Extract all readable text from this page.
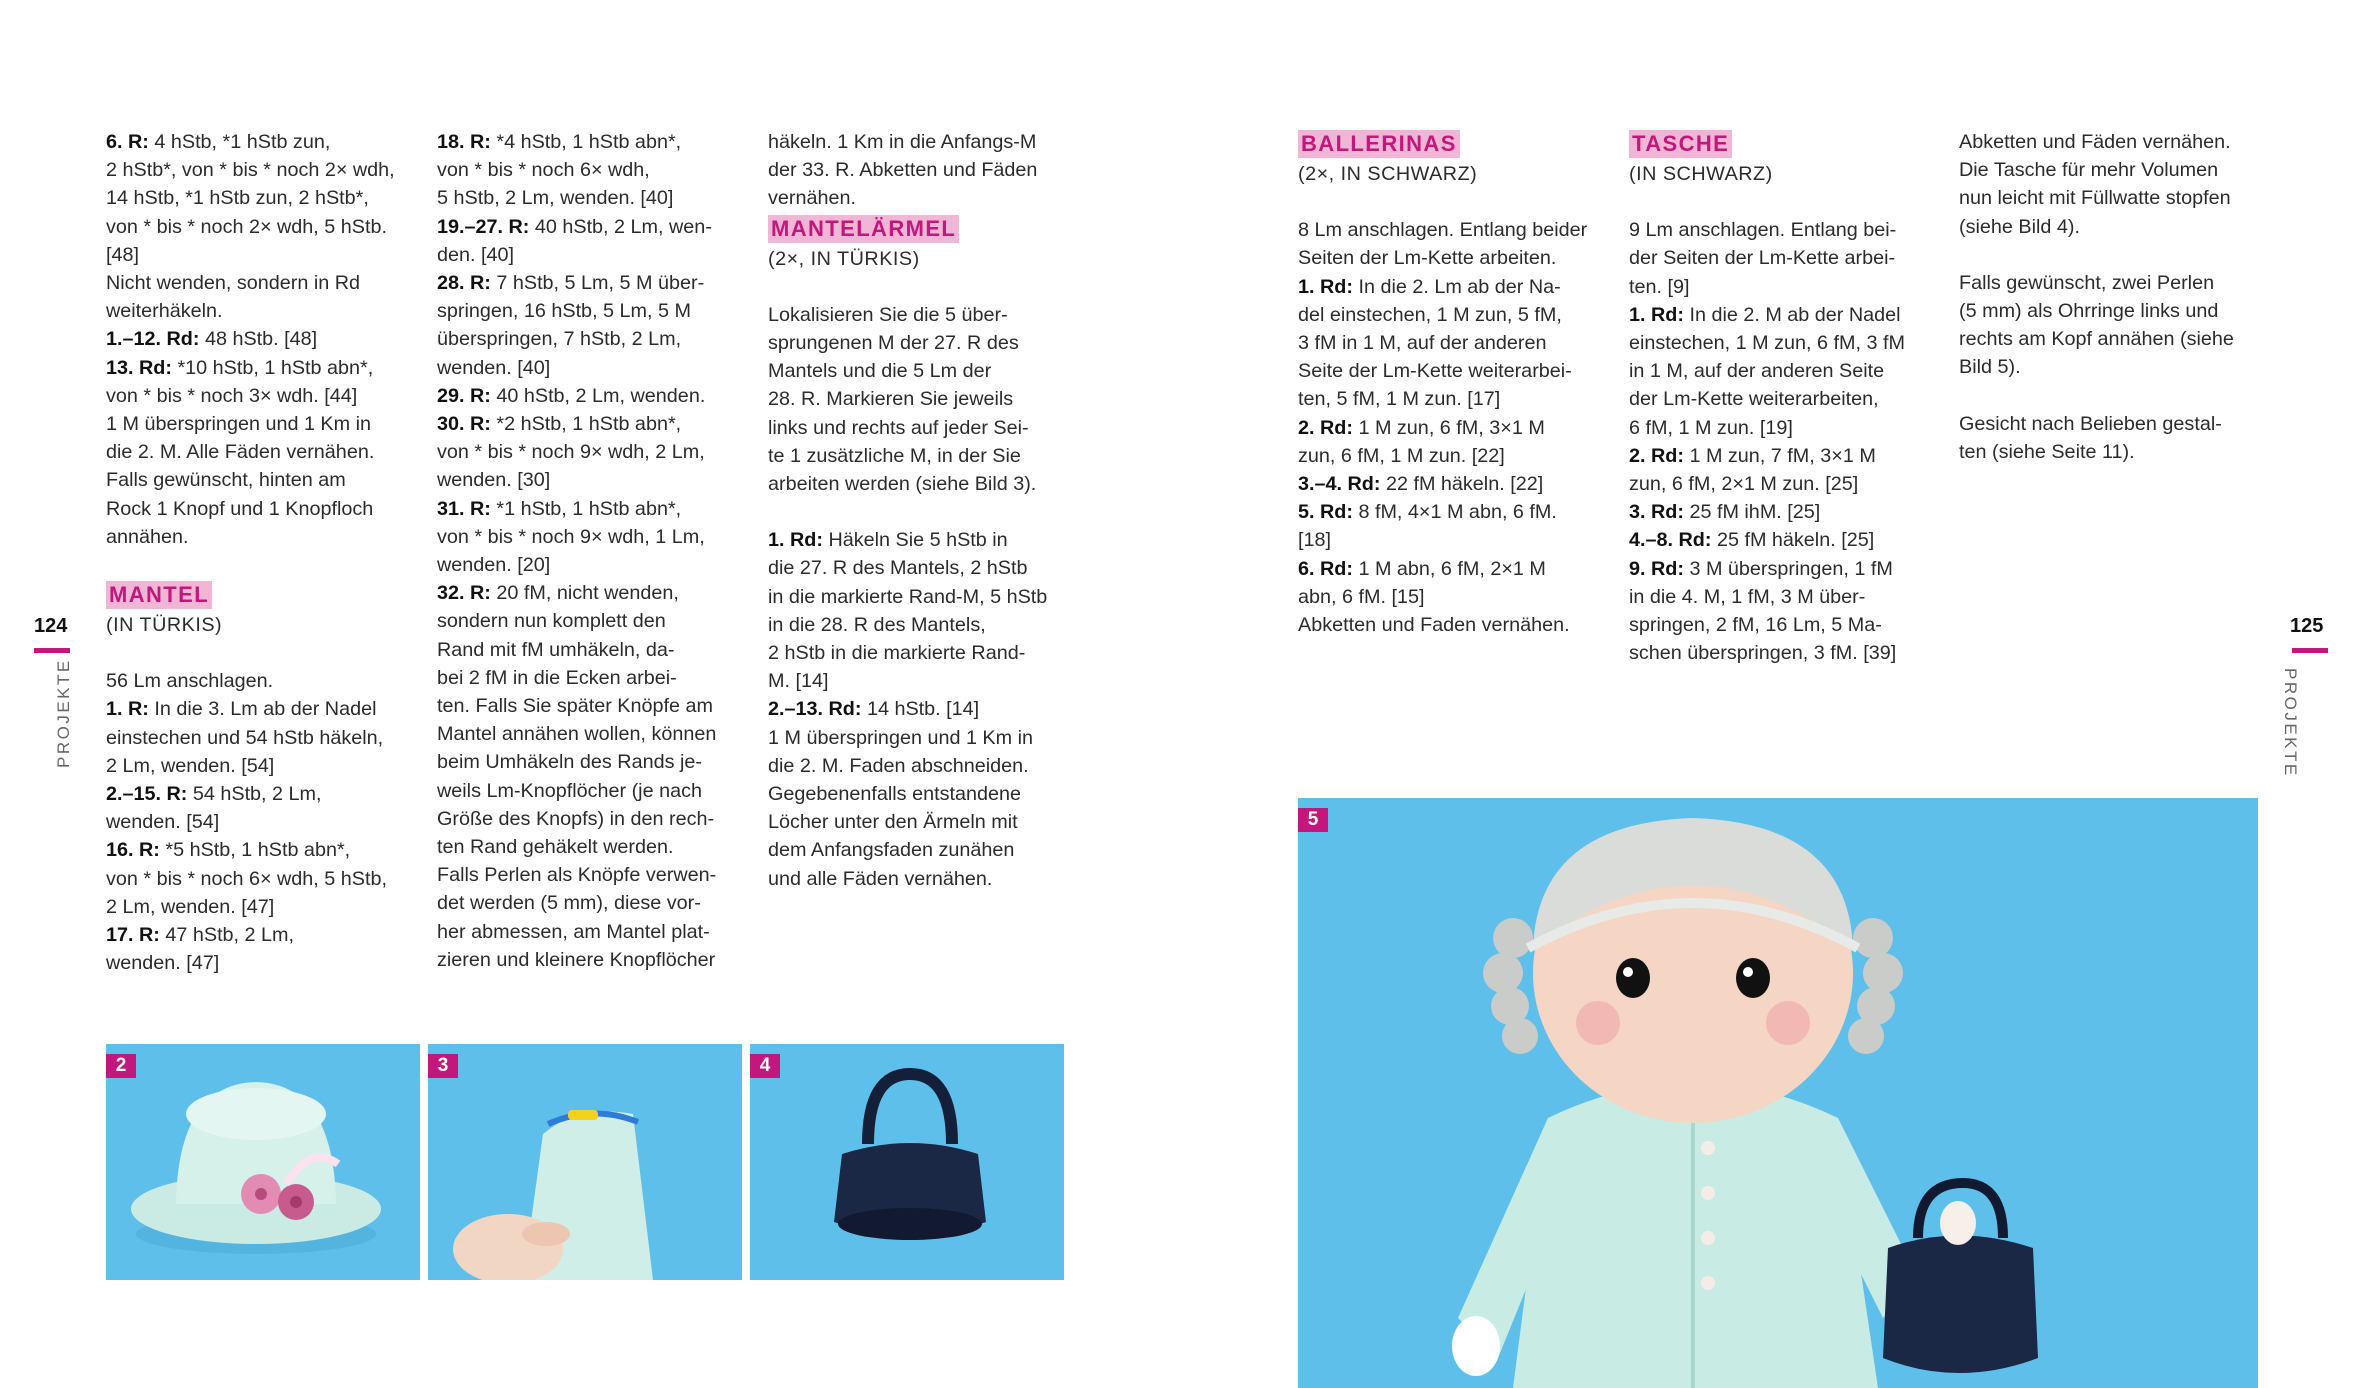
124
PROJEKTE
125
PROJEKTE

6. R: 4 hStb, *1 hStb zun,

2 hStb*, von * bis * noch 2× wdh,

14 hStb, *1 hStb zun, 2 hStb*,

von * bis * noch 2× wdh, 5 hStb.

[48]

Nicht wenden, sondern in Rd

weiterhäkeln.

1.–12. Rd: 48 hStb. [48]

13. Rd: *10 hStb, 1 hStb abn*,

von * bis * noch 3× wdh. [44]

1 M überspringen und 1 Km in

die 2. M. Alle Fäden vernähen.

Falls gewünscht, hinten am

Rock 1 Knopf und 1 Knopfloch

annähen.

MANTEL

(IN TÜRKIS)

56 Lm anschlagen.

1. R: In die 3. Lm ab der Nadel

einstechen und 54 hStb häkeln,

2 Lm, wenden. [54]

2.–15. R: 54 hStb, 2 Lm,

wenden. [54]

16. R: *5 hStb, 1 hStb abn*,

von * bis * noch 6× wdh, 5 hStb,

2 Lm, wenden. [47]

17. R: 47 hStb, 2 Lm,

wenden. [47]

18. R: *4 hStb, 1 hStb abn*,

von * bis * noch 6× wdh,

5 hStb, 2 Lm, wenden. [40]

19.–27. R: 40 hStb, 2 Lm, wen-

den. [40]

28. R: 7 hStb, 5 Lm, 5 M über-

springen, 16 hStb, 5 Lm, 5 M

überspringen, 7 hStb, 2 Lm,

wenden. [40]

29. R: 40 hStb, 2 Lm, wenden.

30. R: *2 hStb, 1 hStb abn*,

von * bis * noch 9× wdh, 2 Lm,

wenden. [30]

31. R: *1 hStb, 1 hStb abn*,

von * bis * noch 9× wdh, 1 Lm,

wenden. [20]

32. R: 20 fM, nicht wenden,

sondern nun komplett den

Rand mit fM umhäkeln, da-

bei 2 fM in die Ecken arbei-

ten. Falls Sie später Knöpfe am

Mantel annähen wollen, können

beim Umhäkeln des Rands je-

weils Lm-Knopflöcher (je nach

Größe des Knopfs) in den rech-

ten Rand gehäkelt werden.

Falls Perlen als Knöpfe verwen-

det werden (5 mm), diese vor-

her abmessen, am Mantel plat-

zieren und kleinere Knopflöcher

häkeln. 1 Km in die Anfangs-M

der 33. R. Abketten und Fäden

vernähen.

MANTELÄRMEL

(2×, IN TÜRKIS)

Lokalisieren Sie die 5 über-

sprungenen M der 27. R des

Mantels und die 5 Lm der

28. R. Markieren Sie jeweils

links und rechts auf jeder Sei-

te 1 zusätzliche M, in der Sie

arbeiten werden (siehe Bild 3).

1. Rd: Häkeln Sie 5 hStb in

die 27. R des Mantels, 2 hStb

in die markierte Rand-M, 5 hStb

in die 28. R des Mantels,

2 hStb in die markierte Rand-

M. [14]

2.–13. Rd: 14 hStb. [14]

1 M überspringen und 1 Km in

die 2. M. Faden abschneiden.

Gegebenenfalls entstandene

Löcher unter den Ärmeln mit

dem Anfangsfaden zunähen

und alle Fäden vernähen.

BALLERINAS

(2×, IN SCHWARZ)

8 Lm anschlagen. Entlang beider

Seiten der Lm-Kette arbeiten.

1. Rd: In die 2. Lm ab der Na-

del einstechen, 1 M zun, 5 fM,

3 fM in 1 M, auf der anderen

Seite der Lm-Kette weiterarbei-

ten, 5 fM, 1 M zun. [17]

2. Rd: 1 M zun, 6 fM, 3×1 M

zun, 6 fM, 1 M zun. [22]

3.–4. Rd: 22 fM häkeln. [22]

5. Rd: 8 fM, 4×1 M abn, 6 fM.

[18]

6. Rd: 1 M abn, 6 fM, 2×1 M

abn, 6 fM. [15]

Abketten und Faden vernähen.

TASCHE

(IN SCHWARZ)

9 Lm anschlagen. Entlang bei-

der Seiten der Lm-Kette arbei-

ten. [9]

1. Rd: In die 2. M ab der Nadel

einstechen, 1 M zun, 6 fM, 3 fM

in 1 M, auf der anderen Seite

der Lm-Kette weiterarbeiten,

6 fM, 1 M zun. [19]

2. Rd: 1 M zun, 7 fM, 3×1 M

zun, 6 fM, 2×1 M zun. [25]

3. Rd: 25 fM ihM. [25]

4.–8. Rd: 25 fM häkeln. [25]

9. Rd: 3 M überspringen, 1 fM

in die 4. M, 1 fM, 3 M über-

springen, 2 fM, 16 Lm, 5 Ma-

schen überspringen, 3 fM. [39]

Abketten und Fäden vernähen.

Die Tasche für mehr Volumen

nun leicht mit Füllwatte stopfen

(siehe Bild 4).

Falls gewünscht, zwei Perlen

(5 mm) als Ohrringe links und

rechts am Kopf annähen (siehe

Bild 5).

Gesicht nach Belieben gestal-

ten (siehe Seite 11).

2	3	4
5
